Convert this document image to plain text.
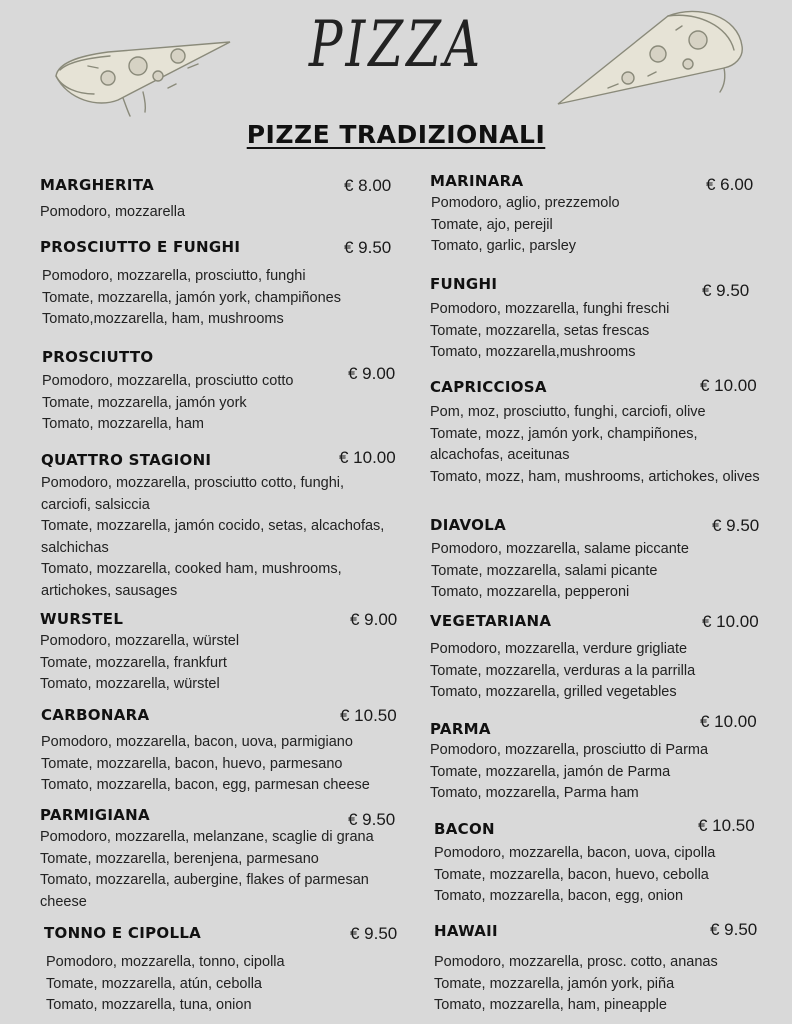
PIZZA
PIZZE TRADIZIONALI
MARGHERITA	€ 8.00
Pomodoro, mozzarella
PROSCIUTTO E FUNGHI	€ 9.50
Pomodoro, mozzarella, prosciutto, funghi
Tomate, mozzarella, jamón york, champiñones
Tomato,mozzarella, ham, mushrooms
PROSCIUTTO
€ 9.00
Pomodoro, mozzarella, prosciutto cotto
Tomate, mozzarella, jamón york
Tomato, mozzarella, ham
QUATTRO STAGIONI	€ 10.00
Pomodoro, mozzarella, prosciutto cotto, funghi,
carciofi, salsiccia
Tomate, mozzarella, jamón cocido, setas, alcachofas,
salchichas
Tomato, mozzarella, cooked ham, mushrooms,
artichokes, sausages
WURSTEL	€ 9.00
Pomodoro, mozzarella, würstel
Tomate, mozzarella, frankfurt
Tomato, mozzarella, würstel
CARBONARA	€ 10.50
Pomodoro, mozzarella, bacon, uova, parmigiano
Tomate, mozzarella, bacon, huevo, parmesano
Tomato, mozzarella, bacon, egg, parmesan cheese
PARMIGIANA	€ 9.50
Pomodoro, mozzarella, melanzane, scaglie di grana
Tomate, mozzarella, berenjena, parmesano
Tomato, mozzarella, aubergine, flakes of parmesan
cheese
TONNO E CIPOLLA	€ 9.50
Pomodoro, mozzarella, tonno, cipolla
Tomate, mozzarella, atún, cebolla
Tomato, mozzarella, tuna, onion
MARINARA	€ 6.00
Pomodoro, aglio, prezzemolo
Tomate, ajo, perejil
Tomato, garlic, parsley
FUNGHI	€ 9.50
Pomodoro, mozzarella, funghi freschi
Tomate, mozzarella, setas frescas
Tomato, mozzarella,mushrooms
CAPRICCIOSA	€ 10.00
Pom, moz, prosciutto, funghi, carciofi, olive
Tomate, mozz, jamón york, champiñones,
alcachofas, aceitunas
Tomato, mozz, ham, mushrooms, artichokes, olives
DIAVOLA	€ 9.50
Pomodoro, mozzarella, salame piccante
Tomate, mozzarella, salami picante
Tomato, mozzarella, pepperoni
VEGETARIANA	€ 10.00
Pomodoro, mozzarella, verdure grigliate
Tomate, mozzarella, verduras a la parrilla
Tomato, mozzarella, grilled vegetables
PARMA	€ 10.00
Pomodoro, mozzarella, prosciutto di Parma
Tomate, mozzarella, jamón de Parma
Tomato, mozzarella, Parma ham
BACON	€ 10.50
Pomodoro, mozzarella, bacon, uova, cipolla
Tomate, mozzarella, bacon, huevo, cebolla
Tomato, mozzarella, bacon, egg, onion
HAWAII	€ 9.50
Pomodoro, mozzarella, prosc. cotto, ananas
Tomate, mozzarella, jamón york, piña
Tomato, mozzarella, ham, pineapple
